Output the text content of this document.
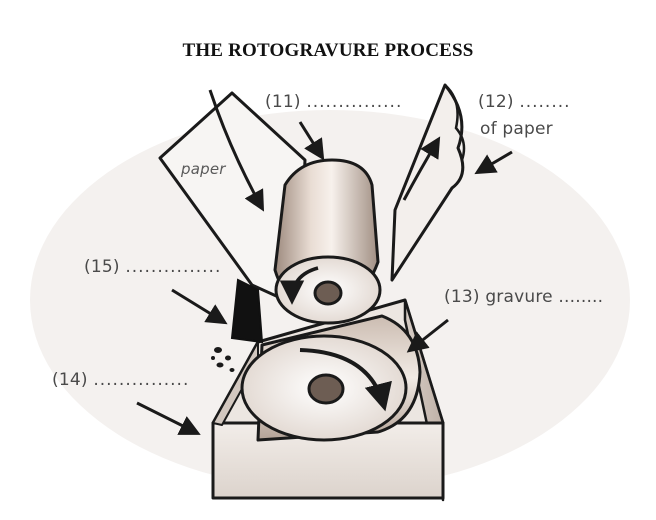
THE ROTOGRAVURE PROCESS
(11) ...............	(12) ........
of paper
(13) gravure ........
(14) ...............
(15) ...............
paper
